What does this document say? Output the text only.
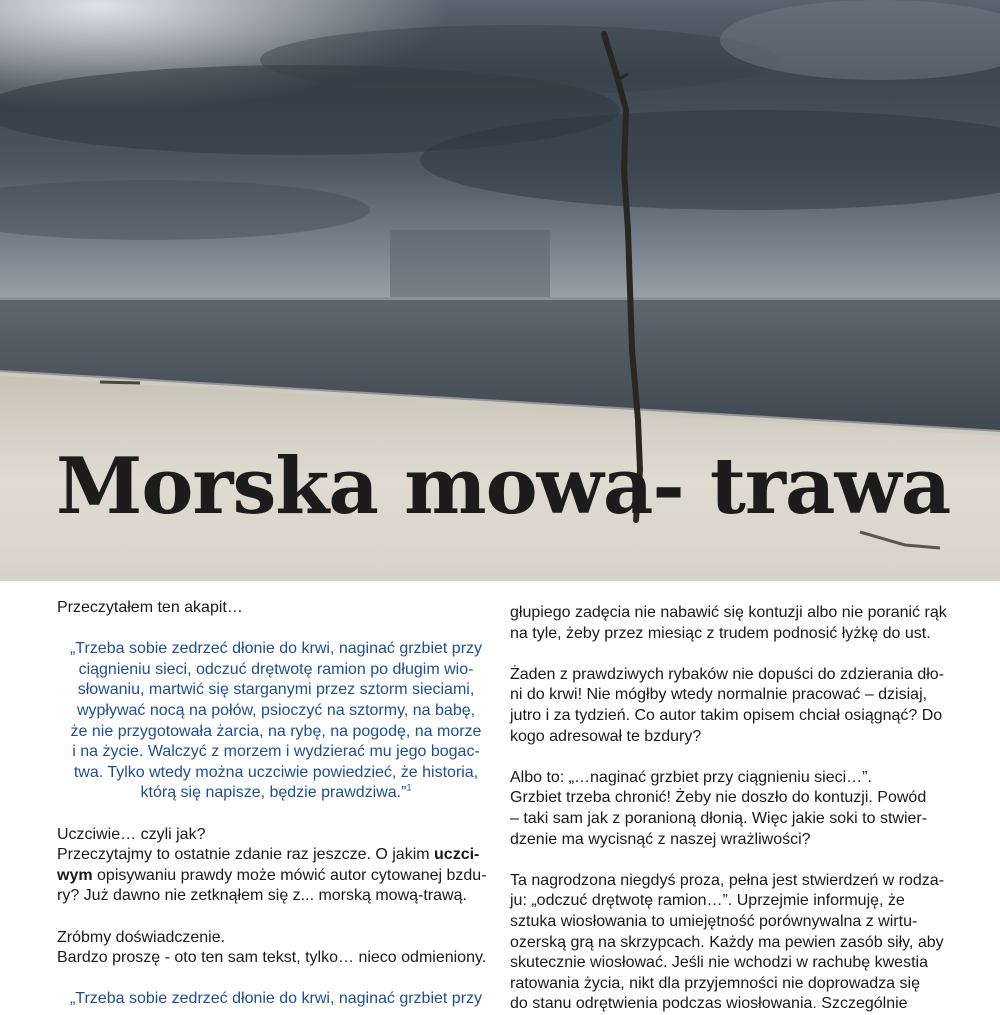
Morska mowa- trawa

Przeczytałem ten akapit…

„Trzeba sobie zedrzeć dłonie do krwi, naginać grzbiet przy

ciągnieniu sieci, odczuć drętwotę ramion po długim wio-

słowaniu, martwić się starganymi przez sztorm sieciami,

wypływać nocą na połów, psioczyć na sztormy, na babę,

że nie przygotowała żarcia, na rybę, na pogodę, na morze

i na życie. Walczyć z morzem i wydzierać mu jego bogac-

twa. Tylko wtedy można uczciwie powiedzieć, że historia,

którą się napisze, będzie prawdziwa.”$^1$

Uczciwie… czyli jak?

Przeczytajmy to ostatnie zdanie raz jeszcze. O jakim uczci-

wym opisywaniu prawdy może mówić autor cytowanej bzdu-

ry? Już dawno nie zetknąłem się z... morską mową-trawą.

Zróbmy doświadczenie.

Bardzo proszę - oto ten sam tekst, tylko… nieco odmieniony.

„Trzeba sobie zedrzeć dłonie do krwi, naginać grzbiet przy

głupiego zadęcia nie nabawić się kontuzji albo nie poranić rąk

na tyle, żeby przez miesiąc z trudem podnosić łyżkę do ust.

Żaden z prawdziwych rybaków nie dopuści do zdzierania dło-

ni do krwi! Nie mógłby wtedy normalnie pracować – dzisiaj,

jutro i za tydzień. Co autor takim opisem chciał osiągnąć? Do

kogo adresował te bzdury?

Albo to: „…naginać grzbiet przy ciągnieniu sieci…”.

Grzbiet trzeba chronić! Żeby nie doszło do kontuzji. Powód

– taki sam jak z poranioną dłonią. Więc jakie soki to stwier-

dzenie ma wycisnąć z naszej wrażliwości?

Ta nagrodzona niegdyś proza, pełna jest stwierdzeń w rodza-

ju: „odczuć drętwotę ramion…”. Uprzejmie informuję, że

sztuka wiosłowania to umiejętność porównywalna z wirtu-

ozerską grą na skrzypcach. Każdy ma pewien zasób siły, aby

skutecznie wiosłować. Jeśli nie wchodzi w rachubę kwestia

ratowania życia, nikt dla przyjemności nie doprowadza się

do stanu odrętwienia podczas wiosłowania. Szczególnie
